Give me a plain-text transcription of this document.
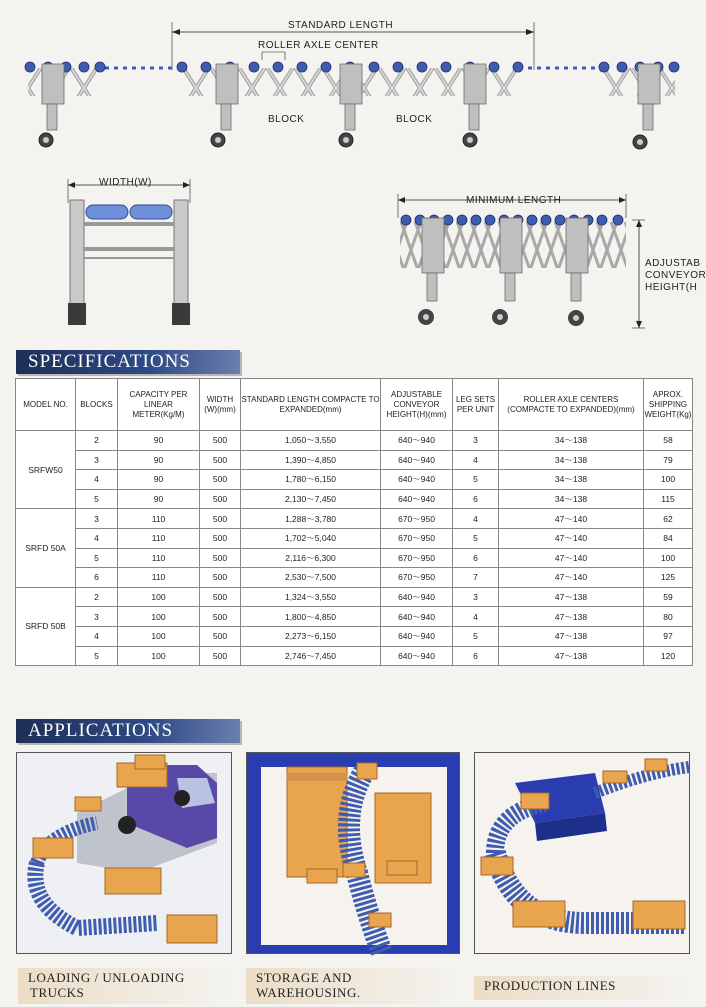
STANDARD LENGTH
ROLLER AXLE CENTER
BLOCK	BLOCK
WIDTH(W)
MINIMUM LENGTH
ADJUSTAB
CONVEYOR
HEIGHT(H
SPECIFICATIONS
MODEL NO.	BLOCKS	CAPACITY PER LINEAR METER(Kg/M)	WIDTH (W)(mm)	STANDARD LENGTH COMPACTE TO EXPANDED(mm)	ADJUSTABLE CONVEYOR HEIGHT(H)(mm)	LEG SETS PER UNIT	ROLLER AXLE CENTERS (COMPACTE TO EXPANDED)(mm)	APROX. SHIPPING WEIGHT(Kg)
SRFW50	2	90	500	1,050～3,550	640～940	3	34～138	58
	3	90	500	1,390～4,850	640～940	4	34～138	79
	4	90	500	1,780～6,150	640～940	5	34～138	100
	5	90	500	2,130～7,450	640～940	6	34～138	115
SRFD 50A	3	110	500	1,288～3,780	670～950	4	47～140	62
	4	110	500	1,702～5,040	670～950	5	47～140	84
	5	110	500	2,116～6,300	670～950	6	47～140	100
	6	110	500	2,530～7,500	670～950	7	47～140	125
SRFD 50B	2	100	500	1,324～3,550	640～940	3	47～138	59
	3	100	500	1,800～4,850	640～940	4	47～138	80
	4	100	500	2,273～6,150	640～940	5	47～138	97
	5	100	500	2,746～7,450	640～940	6	47～138	120
APPLICATIONS
LOADING / UNLOADING
TRUCKS
STORAGE AND
WAREHOUSING.	PRODUCTION LINES
